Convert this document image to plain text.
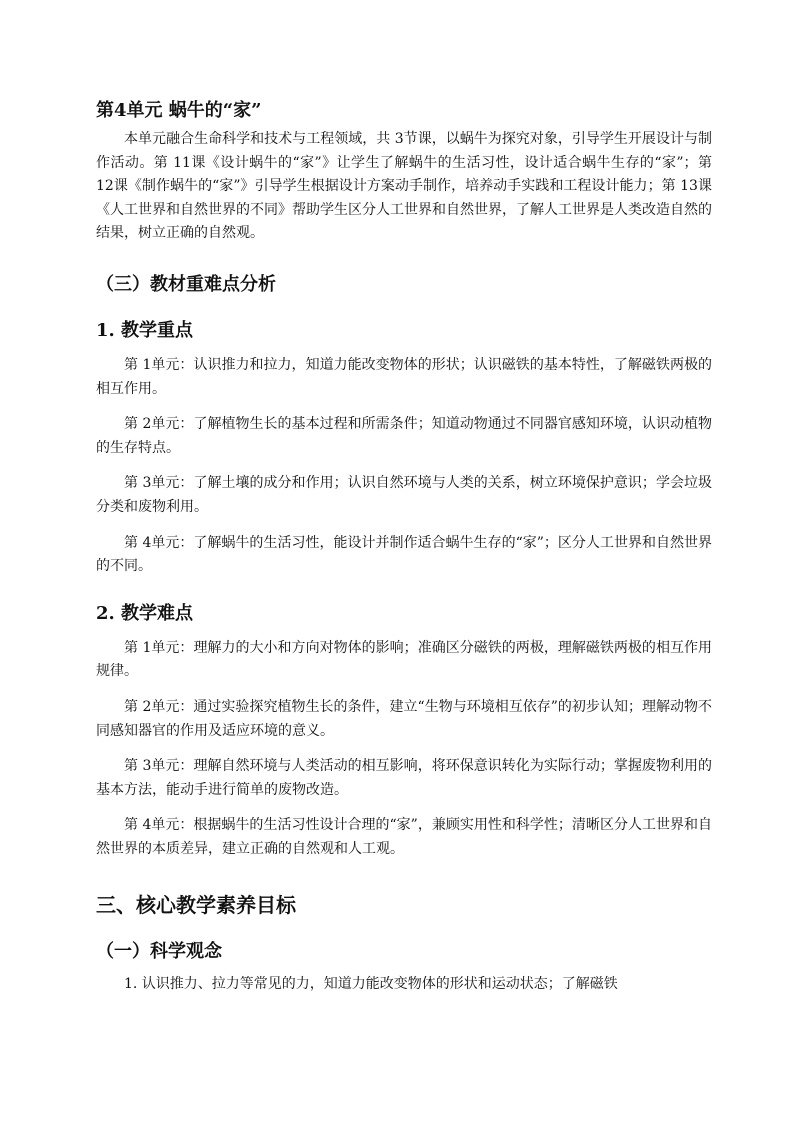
第4单元 蜗牛的“家”

本单元融合生命科学和技术与工程领域，共 3节课，以蜗牛为探究对象，引导学生开展设计与制作活动。第 11课《设计蜗牛的“家”》让学生了解蜗牛的生活习性，设计适合蜗牛生存的“家”；第 12课《制作蜗牛的“家”》引导学生根据设计方案动手制作，培养动手实践和工程设计能力；第 13课《人工世界和自然世界的不同》帮助学生区分人工世界和自然世界，了解人工世界是人类改造自然的结果，树立正确的自然观。

（三）教材重难点分析
1. 教学重点

第 1单元：认识推力和拉力，知道力能改变物体的形状；认识磁铁的基本特性，了解磁铁两极的相互作用。

第 2单元：了解植物生长的基本过程和所需条件；知道动物通过不同器官感知环境，认识动植物的生存特点。

第 3单元：了解土壤的成分和作用；认识自然环境与人类的关系，树立环境保护意识；学会垃圾分类和废物利用。

第 4单元：了解蜗牛的生活习性，能设计并制作适合蜗牛生存的“家”；区分人工世界和自然世界的不同。

2. 教学难点

第 1单元：理解力的大小和方向对物体的影响；准确区分磁铁的两极，理解磁铁两极的相互作用规律。

第 2单元：通过实验探究植物生长的条件，建立“生物与环境相互依存”的初步认知；理解动物不同感知器官的作用及适应环境的意义。

第 3单元：理解自然环境与人类活动的相互影响，将环保意识转化为实际行动；掌握废物利用的基本方法，能动手进行简单的废物改造。

第 4单元：根据蜗牛的生活习性设计合理的“家”，兼顾实用性和科学性；清晰区分人工世界和自然世界的本质差异，建立正确的自然观和人工观。

三、核心教学素养目标
（一）科学观念

1. 认识推力、拉力等常见的力，知道力能改变物体的形状和运动状态；了解磁铁
